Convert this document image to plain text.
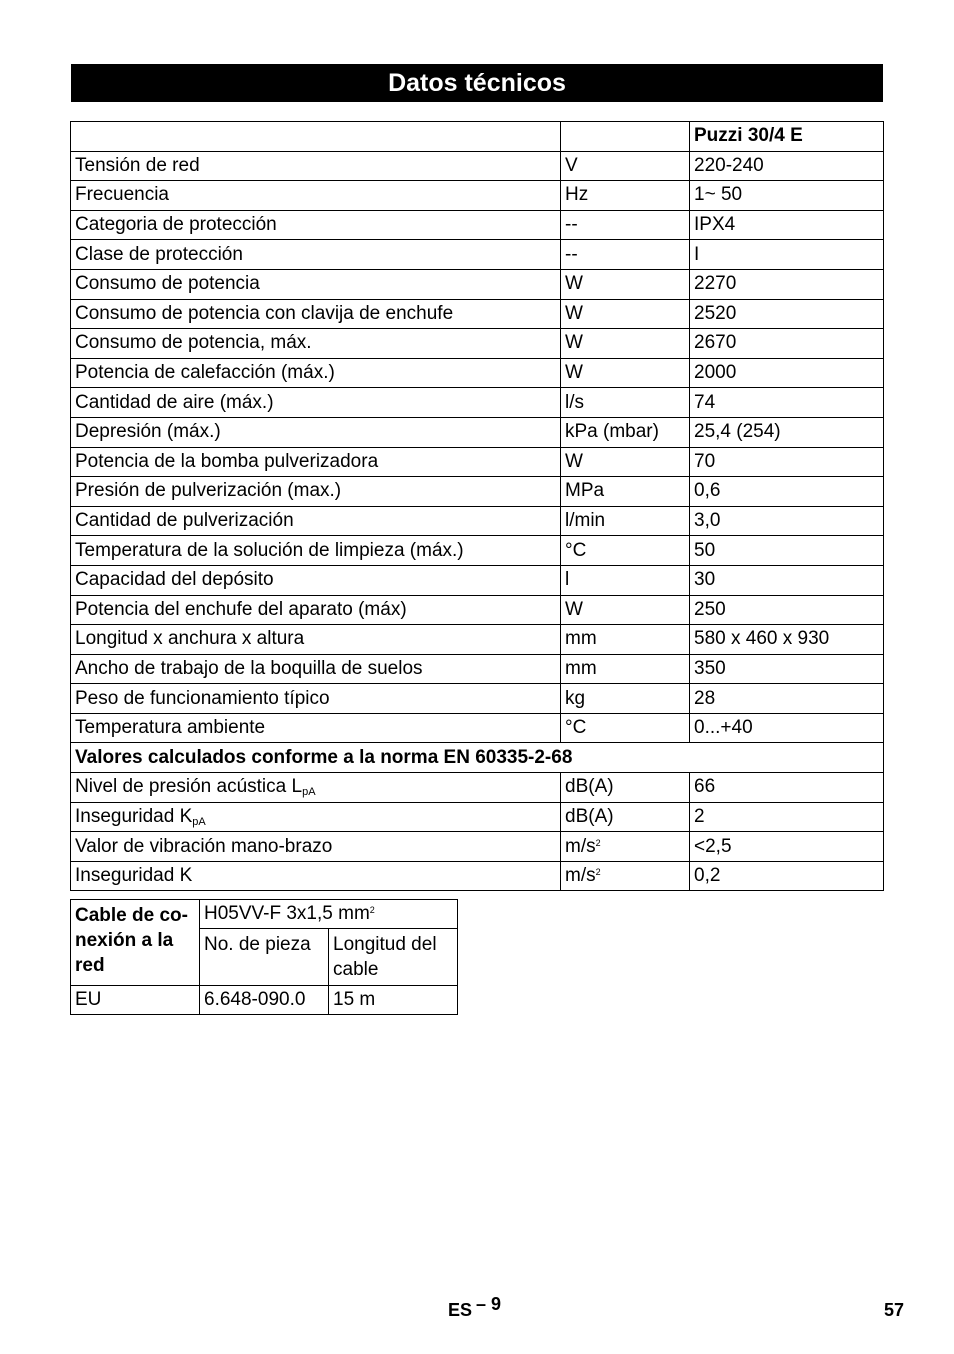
Datos técnicos
		Puzzi 30/4 E
Tensión de red	V	220-240
Frecuencia	Hz	1~ 50
Categoria de protección	--	IPX4
Clase de protección	--	I
Consumo de potencia	W	2270
Consumo de potencia con clavija de enchufe	W	2520
Consumo de potencia, máx.	W	2670
Potencia de calefacción (máx.)	W	2000
Cantidad de aire (máx.)	l/s	74
Depresión (máx.)	kPa (mbar)	25,4 (254)
Potencia de la bomba pulverizadora	W	70
Presión de pulverización (max.)	MPa	0,6
Cantidad de pulverización	l/min	3,0
Temperatura de la solución de limpieza (máx.)	°C	50
Capacidad del depósito	l	30
Potencia del enchufe del aparato (máx)	W	250
Longitud x anchura x altura	mm	580 x 460 x 930
Ancho de trabajo de la boquilla de suelos	mm	350
Peso de funcionamiento típico	kg	28
Temperatura ambiente	°C	0...+40
Valores calculados conforme a la norma EN 60335-2-68		
Nivel de presión acústica $L_{pA}$	dB(A)	66
Inseguridad $K_{pA}$	dB(A)	2
Valor de vibración mano-brazo	$m/s^2$	<2,5
Inseguridad K	$m/s^2$	0,2
Cable de co-nexión a la red	H05VV-F 3x1,5 $mm^2$
	No. de pieza	Longitud del cable
EU	6.648-090.0	15 m
ES – 9	57
